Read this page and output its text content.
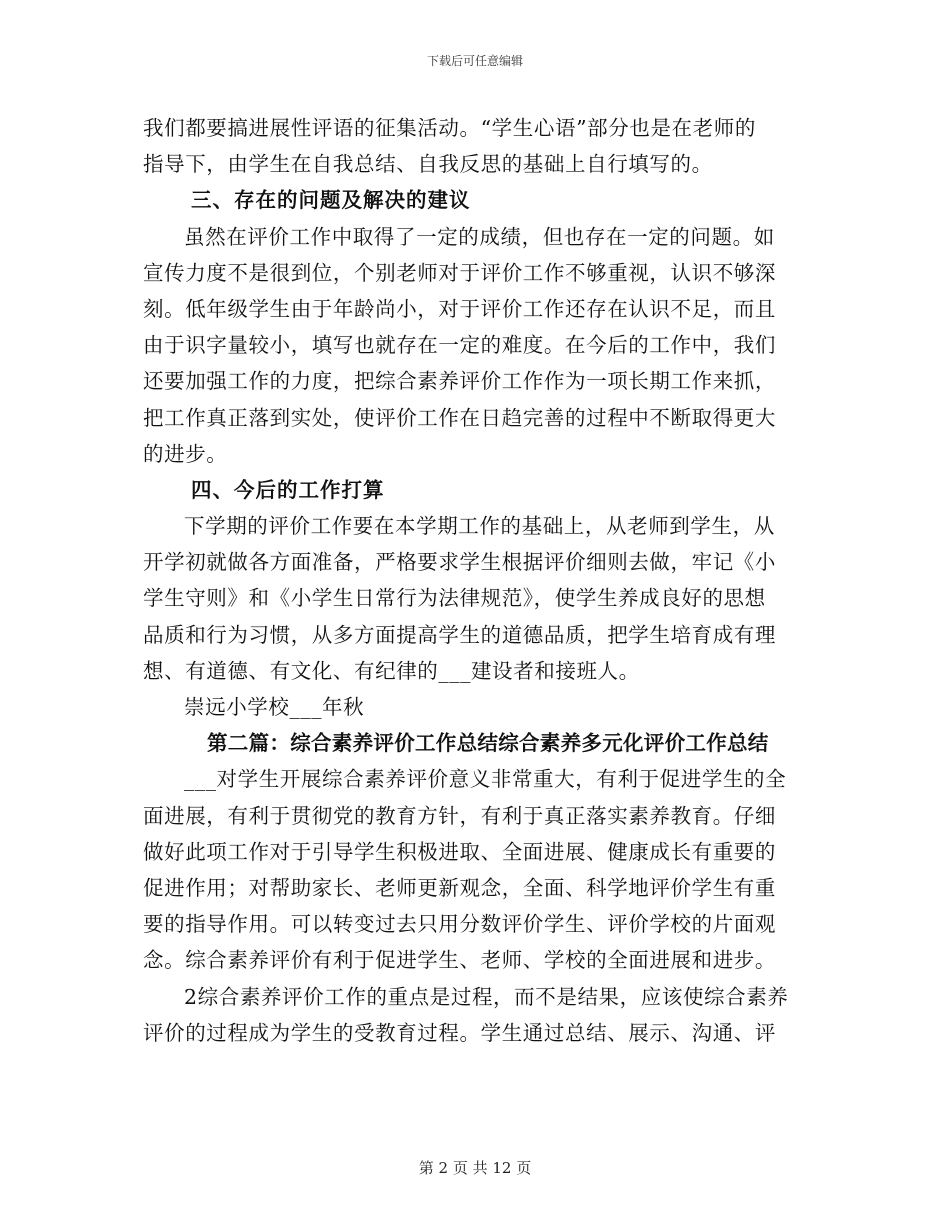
下载后可任意编辑
我们都要搞进展性评语的征集活动。“学生心语”部分也是在老师的
指导下，由学生在自我总结、自我反思的基础上自行填写的。
三、存在的问题及解决的建议
虽然在评价工作中取得了一定的成绩，但也存在一定的问题。如
宣传力度不是很到位，个别老师对于评价工作不够重视，认识不够深
刻。低年级学生由于年龄尚小，对于评价工作还存在认识不足，而且
由于识字量较小，填写也就存在一定的难度。在今后的工作中，我们
还要加强工作的力度，把综合素养评价工作作为一项长期工作来抓，
把工作真正落到实处，使评价工作在日趋完善的过程中不断取得更大
的进步。
四、今后的工作打算
下学期的评价工作要在本学期工作的基础上，从老师到学生，从
开学初就做各方面准备，严格要求学生根据评价细则去做，牢记《小
学生守则》和《小学生日常行为法律规范》，使学生养成良好的思想
品质和行为习惯，从多方面提高学生的道德品质，把学生培育成有理
想、有道德、有文化、有纪律的___建设者和接班人。
崇远小学校___年秋
第二篇：综合素养评价工作总结综合素养多元化评价工作总结
___对学生开展综合素养评价意义非常重大，有利于促进学生的全
面进展，有利于贯彻党的教育方针，有利于真正落实素养教育。仔细
做好此项工作对于引导学生积极进取、全面进展、健康成长有重要的
促进作用；对帮助家长、老师更新观念，全面、科学地评价学生有重
要的指导作用。可以转变过去只用分数评价学生、评价学校的片面观
念。综合素养评价有利于促进学生、老师、学校的全面进展和进步。
2综合素养评价工作的重点是过程，而不是结果，应该使综合素养
评价的过程成为学生的受教育过程。学生通过总结、展示、沟通、评
第 2 页 共 12 页
